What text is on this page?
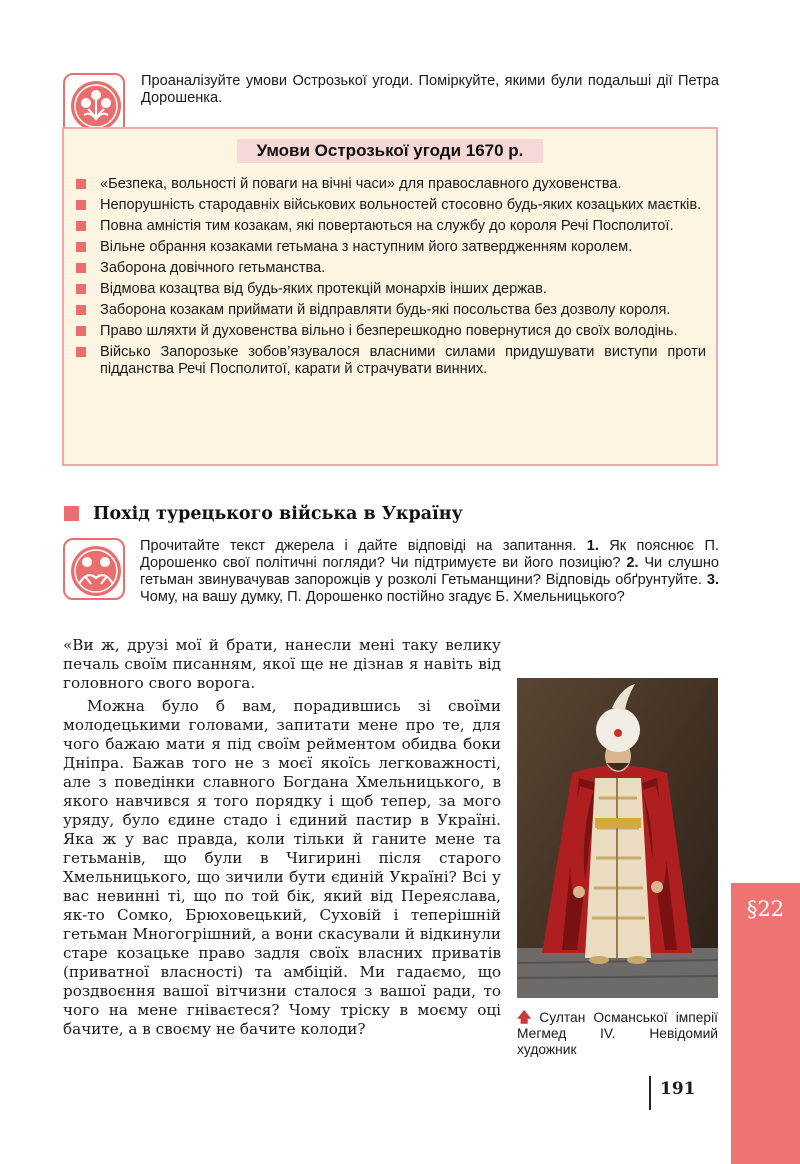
Проаналізуйте умови Острозької угоди. Поміркуйте, якими були подальші дії Петра Дорошенка.
Умови Острозької угоди 1670 р.
«Безпека, вольності й поваги на вічні часи» для православного духовенства.
Непорушність стародавніх військових вольностей стосовно будь-яких козацьких маєтків.
Повна амністія тим козакам, які повертаються на службу до короля Речі Посполитої.
Вільне обрання козаками гетьмана з наступним його затвердженням королем.
Заборона довічного гетьманства.
Відмова козацтва від будь-яких протекцій монархів інших держав.
Заборона козакам приймати й відправляти будь-які посольства без дозволу короля.
Право шляхти й духовенства вільно і безперешкодно повернутися до своїх володінь.
Військо Запорозьке зобов’язувалося власними силами придушувати виступи проти підданства Речі Посполитої, карати й страчувати винних.
Похід турецького війська в Україну
Прочитайте текст джерела і дайте відповіді на запитання. 1. Як пояснює П. Дорошенко свої політичні погляди? Чи підтримуєте ви його позицію? 2. Чи слушно гетьман звинувачував запорожців у розколі Гетьманщини? Відповідь обґрунтуйте. 3. Чому, на вашу думку, П. Дорошенко постійно згадує Б. Хмельницького?
«Ви ж, друзі мої й брати, нанесли мені таку велику печаль своїм писанням, якої ще не дізнав я навіть від головного свого ворога.
Можна було б вам, порадившись зі своїми молодецькими головами, запитати мене про те, для чого бажаю мати я під своїм рейментом обидва боки Дніпра. Бажав того не з моєї якоїсь легковажності, але з поведінки славного Богдана Хмельницького, в якого навчився я того порядку і щоб тепер, за мого уряду, було єдине стадо і єдиний пастир в Україні. Яка ж у вас правда, коли тільки й ганите мене та гетьманів, що були в Чигирині після старого Хмельницького, що зичили бути єдиній Україні? Всі у вас невинні ті, що по той бік, який від Переяслава, як-то Сомко, Брюховецький, Суховій і теперішній гетьман Многогрішний, а вони скасували й відкинули старе козацьке право задля своїх власних приватів (приватної власності) та амбіцій. Ми гадаємо, що роздвоєння вашої вітчизни сталося з вашої ради, то чого на мене гніваєтеся? Чому тріску в моєму оці бачите, а в своєму не бачите колоди?
🡅 Султан Османської імперії Мегмед IV. Невідомий художник
191
§22
